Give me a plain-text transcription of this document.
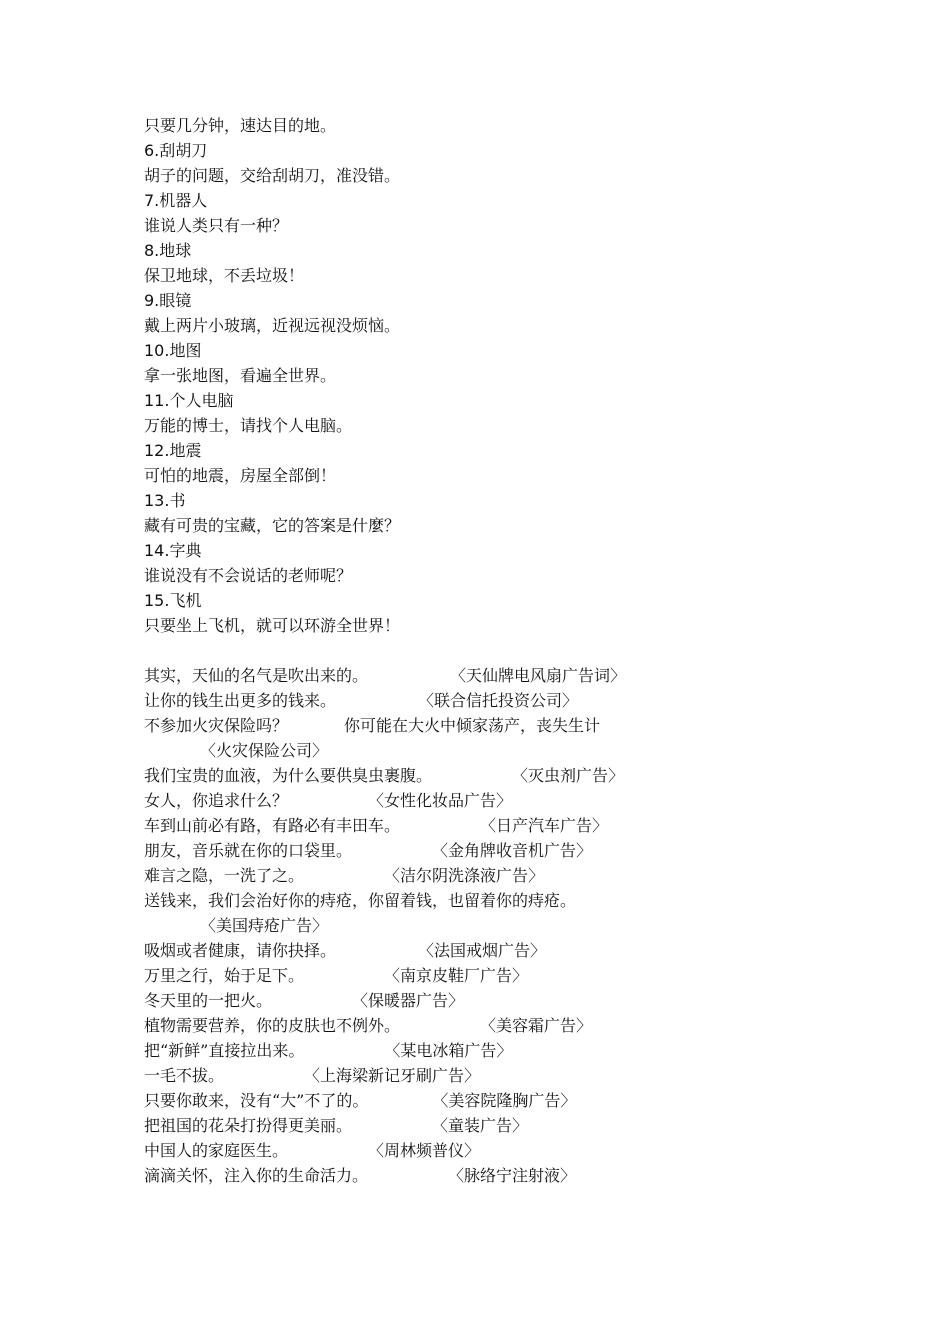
只要几分钟，速达目的地。
6.刮胡刀
胡子的问题，交给刮胡刀，准没错。
7.机器人
谁说人类只有一种？
8.地球
保卫地球，不丢垃圾！
9.眼镜
戴上两片小玻璃，近视远视没烦恼。
10.地图
拿一张地图，看遍全世界。
11.个人电脑
万能的博士，请找个人电脑。
12.地震
可怕的地震，房屋全部倒！
13.书
藏有可贵的宝藏，它的答案是什麼？
14.字典
谁说没有不会说话的老师呢？
15.飞机
只要坐上飞机，就可以环游全世界！
其实，天仙的名气是吹出来的。	〈天仙牌电风扇广告词〉
让你的钱生出更多的钱来。	〈联合信托投资公司〉
不参加火灾保险吗？	你可能在大火中倾家荡产，丧失生计
〈火灾保险公司〉
我们宝贵的血液，为什么要供臭虫裹腹。	〈灭虫剂广告〉
女人，你追求什么？	〈女性化妆品广告〉
车到山前必有路，有路必有丰田车。	〈日产汽车广告〉
朋友，音乐就在你的口袋里。	〈金角牌收音机广告〉
难言之隐，一洗了之。	〈洁尔阴洗涤液广告〉
送钱来，我们会治好你的痔疮，你留着钱，也留着你的痔疮。
〈美国痔疮广告〉
吸烟或者健康，请你抉择。	〈法国戒烟广告〉
万里之行，始于足下。	〈南京皮鞋厂广告〉
冬天里的一把火。	〈保暖器广告〉
植物需要营养，你的皮肤也不例外。	〈美容霜广告〉
把“新鲜”直接拉出来。	〈某电冰箱广告〉
一毛不拔。	〈上海梁新记牙刷广告〉
只要你敢来，没有“大”不了的。	〈美容院隆胸广告〉
把祖国的花朵打扮得更美丽。	〈童装广告〉
中国人的家庭医生。	〈周林频普仪〉
滴滴关怀，注入你的生命活力。	〈脉络宁注射液〉
